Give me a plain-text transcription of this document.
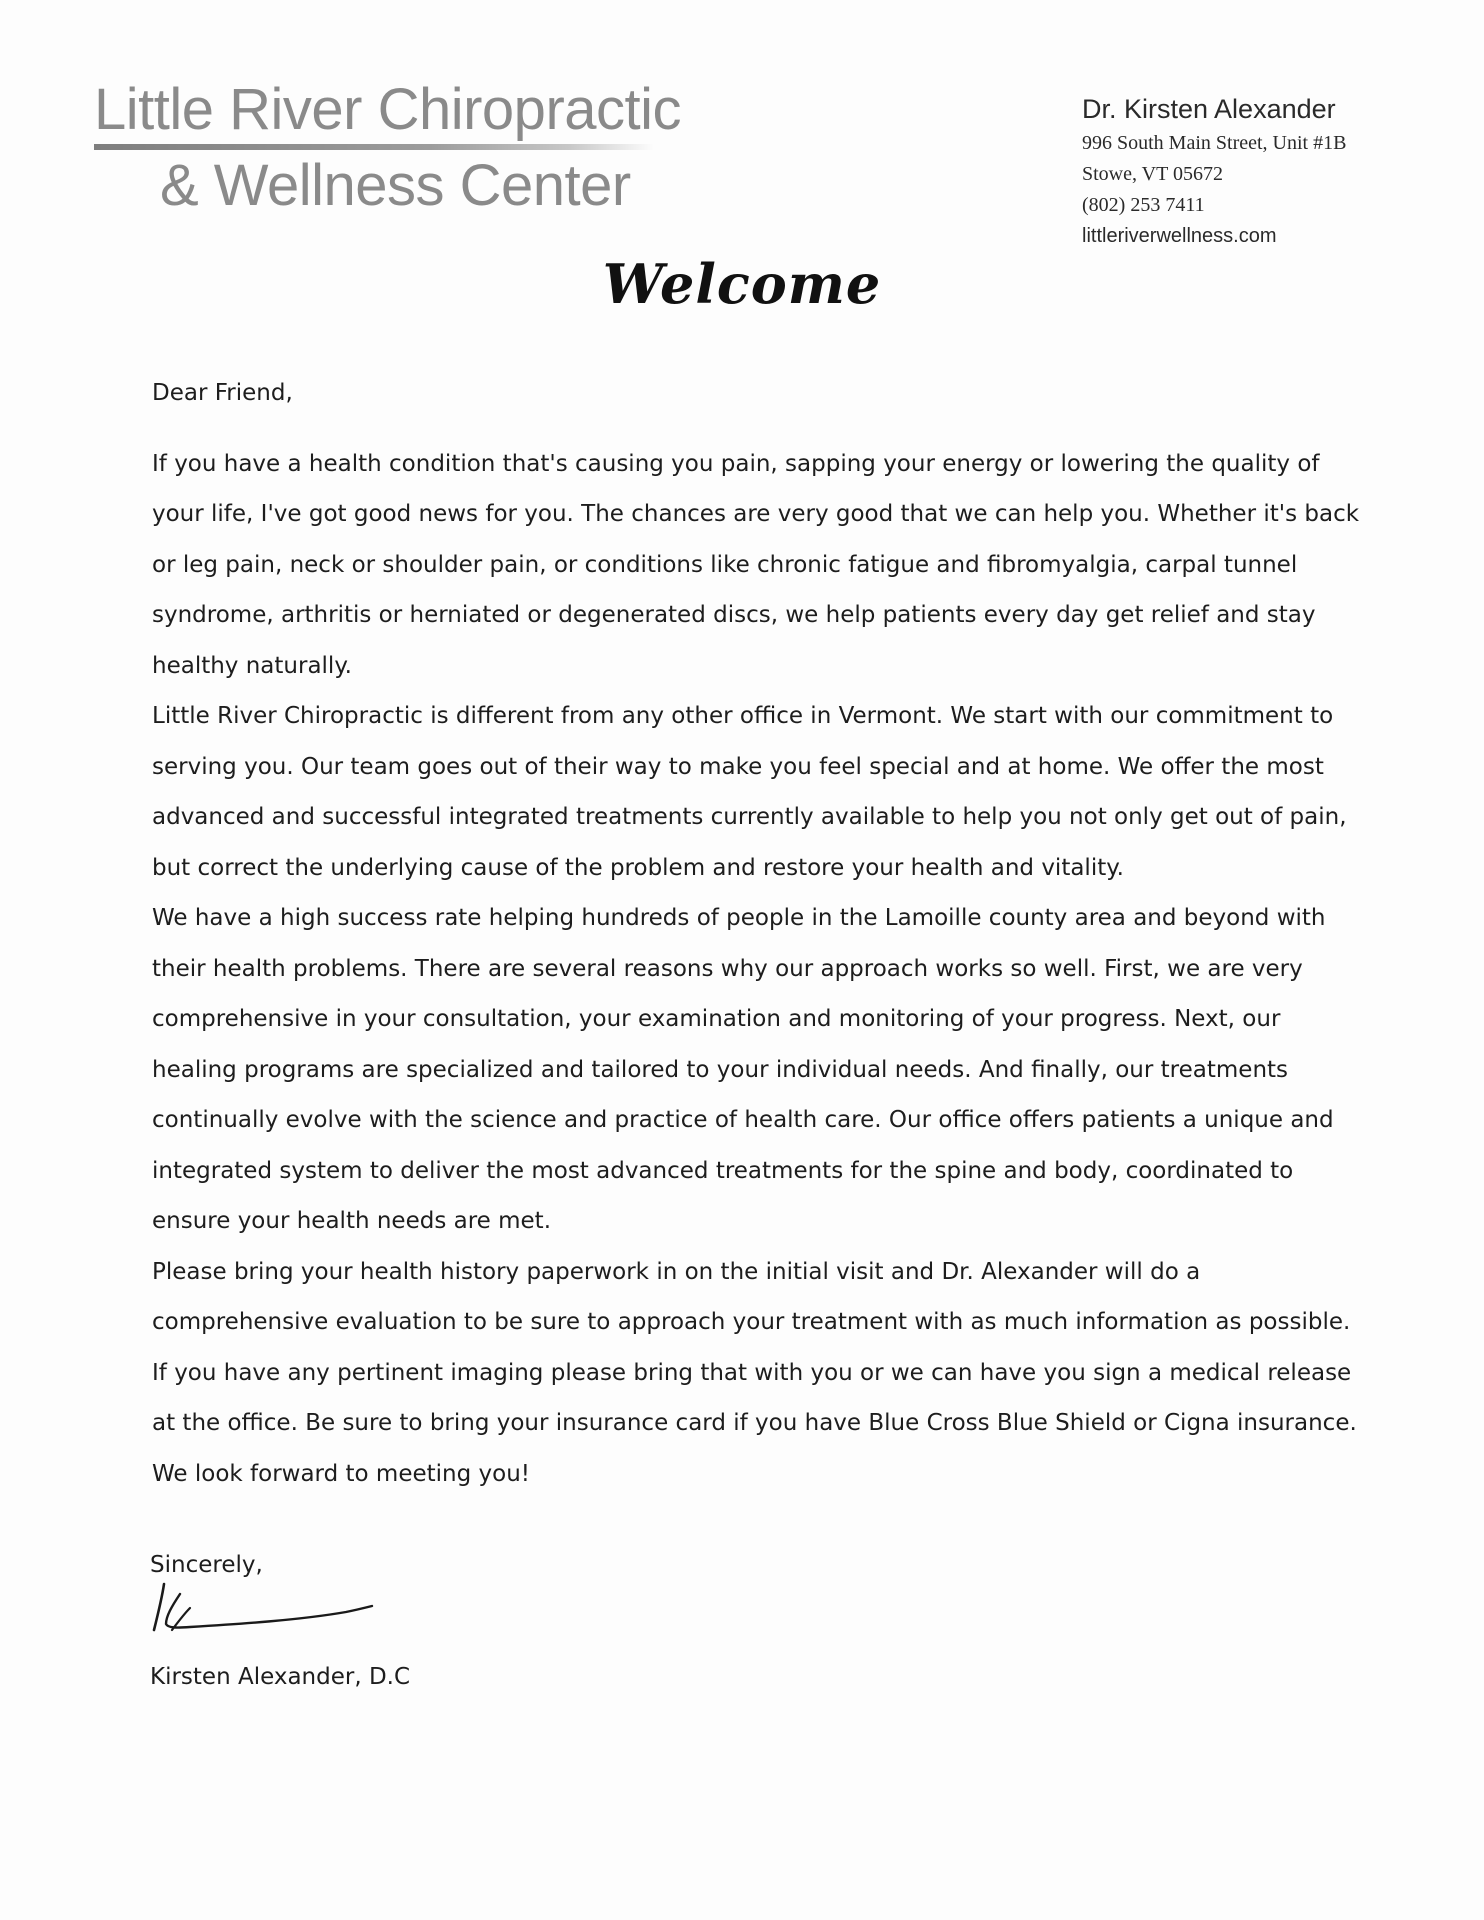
Little River Chiropractic
& Wellness Center
Dr. Kirsten Alexander
996 South Main Street, Unit #1B
Stowe, VT 05672
(802) 253 7411
littleriverwellness.com
Welcome

Dear Friend,

If you have a health condition that's causing you pain, sapping your energy or lowering the quality of your life, I've got good news for you. The chances are very good that we can help you. Whether it's back or leg pain, neck or shoulder pain, or conditions like chronic fatigue and fibromyalgia, carpal tunnel syndrome, arthritis or herniated or degenerated discs, we help patients every day get relief and stay healthy naturally.

Little River Chiropractic is different from any other office in Vermont. We start with our commitment to serving you. Our team goes out of their way to make you feel special and at home. We offer the most advanced and successful integrated treatments currently available to help you not only get out of pain, but correct the underlying cause of the problem and restore your health and vitality.

We have a high success rate helping hundreds of people in the Lamoille county area and beyond with their health problems. There are several reasons why our approach works so well. First, we are very comprehensive in your consultation, your examination and monitoring of your progress. Next, our healing programs are specialized and tailored to your individual needs. And finally, our treatments continually evolve with the science and practice of health care. Our office offers patients a unique and integrated system to deliver the most advanced treatments for the spine and body, coordinated to ensure your health needs are met.

Please bring your health history paperwork in on the initial visit and Dr. Alexander will do a comprehensive evaluation to be sure to approach your treatment with as much information as possible. If you have any pertinent imaging please bring that with you or we can have you sign a medical release at the office. Be sure to bring your insurance card if you have Blue Cross Blue Shield or Cigna insurance. We look forward to meeting you!

Sincerely,
Kirsten Alexander, D.C
